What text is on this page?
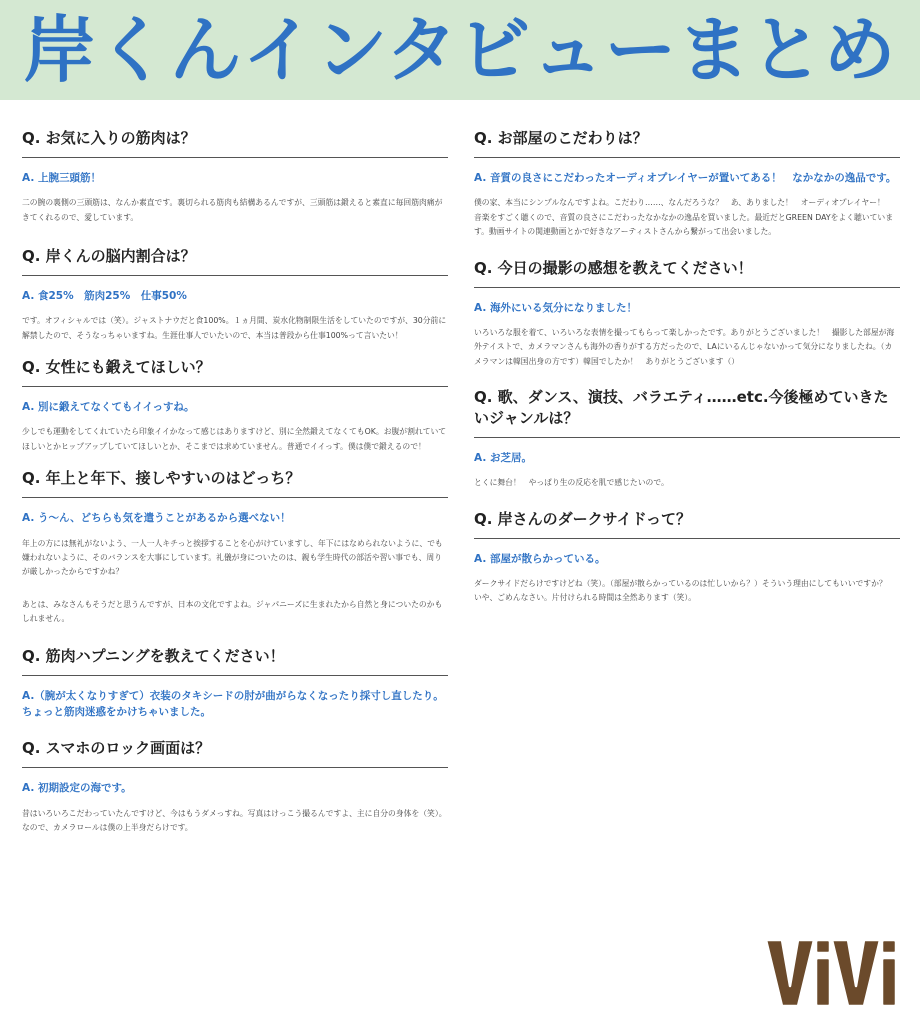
岸くんインタビューまとめ
Q. お気に入りの筋肉は？
A. 上腕三頭筋！

二の腕の裏側の三頭筋は、なんか素直です。裏切られる筋肉も結構あるんですが、三頭筋は鍛えると素直に毎回筋肉痛がきてくれるので、愛しています。

Q. 岸くんの脳内割合は？
A. 食25%　筋肉25%　仕事50%

です。オフィシャルでは（笑）。ジャストナウだと食100%。１ヵ月間、炭水化物制限生活をしていたのですが、30分前に解禁したので、そうなっちゃいますね。生涯仕事人でいたいので、本当は普段から仕事100%って言いたい！

Q. 女性にも鍛えてほしい？
A. 別に鍛えてなくてもイイっすね。

少しでも運動をしてくれていたら印象イイかなって感じはありますけど、別に全然鍛えてなくてもOK。お腹が割れていてほしいとかヒップアップしていてほしいとか、そこまでは求めていません。普通でイイっす。僕は僕で鍛えるので！

Q. 年上と年下、接しやすいのはどっち？
A. う〜ん、どちらも気を遣うことがあるから選べない！

年上の方には無礼がないよう、一人一人キチっと挨拶することを心がけていますし、年下にはなめられないように、でも嫌われないように、そのバランスを大事にしています。礼儀が身についたのは、親も学生時代の部活や習い事でも、周りが厳しかったからですかね？

あとは、みなさんもそうだと思うんですが、日本の文化ですよね。ジャパニーズに生まれたから自然と身についたのかもしれません。

Q. 筋肉ハプニングを教えてください！
A.（腕が太くなりすぎて）衣装のタキシードの肘が曲がらなくなったり採寸し直したり。ちょっと筋肉迷惑をかけちゃいました。
Q. スマホのロック画面は？
A. 初期設定の海です。

昔はいろいろこだわっていたんですけど、今はもうダメっすね。写真はけっこう撮るんですよ、主に自分の身体を（笑）。なので、カメラロールは僕の上半身だらけです。

Q. お部屋のこだわりは？
A. 音質の良さにこだわったオーディオプレイヤーが置いてある！　なかなかの逸品です。

僕の家、本当にシンプルなんですよね。こだわり……、なんだろうな？　あ、ありました！　オーディオプレイヤー！　音楽をすごく聴くので、音質の良さにこだわったなかなかの逸品を買いました。最近だとGREEN DAYをよく聴いています。動画サイトの関連動画とかで好きなアーティストさんから繋がって出会いました。

Q. 今日の撮影の感想を教えてください！
A. 海外にいる気分になりました！

いろいろな服を着て、いろいろな表情を撮ってもらって楽しかったです。ありがとうございました！　撮影した部屋が海外テイストで、カメラマンさんも海外の香りがする方だったので、LAにいるんじゃないかって気分になりましたね。（カメラマンは韓国出身の方です）韓国でしたか！　ありがとうございます（）

Q. 歌、ダンス、演技、バラエティ……etc.今後極めていきたいジャンルは？
A. お芝居。

とくに舞台！　やっぱり生の反応を肌で感じたいので。

Q. 岸さんのダークサイドって？
A. 部屋が散らかっている。

ダークサイドだらけですけどね（笑）。（部屋が散らかっているのは忙しいから？）そういう理由にしてもいいですか？　いや、ごめんなさい。片付けられる時間は全然あります（笑）。
